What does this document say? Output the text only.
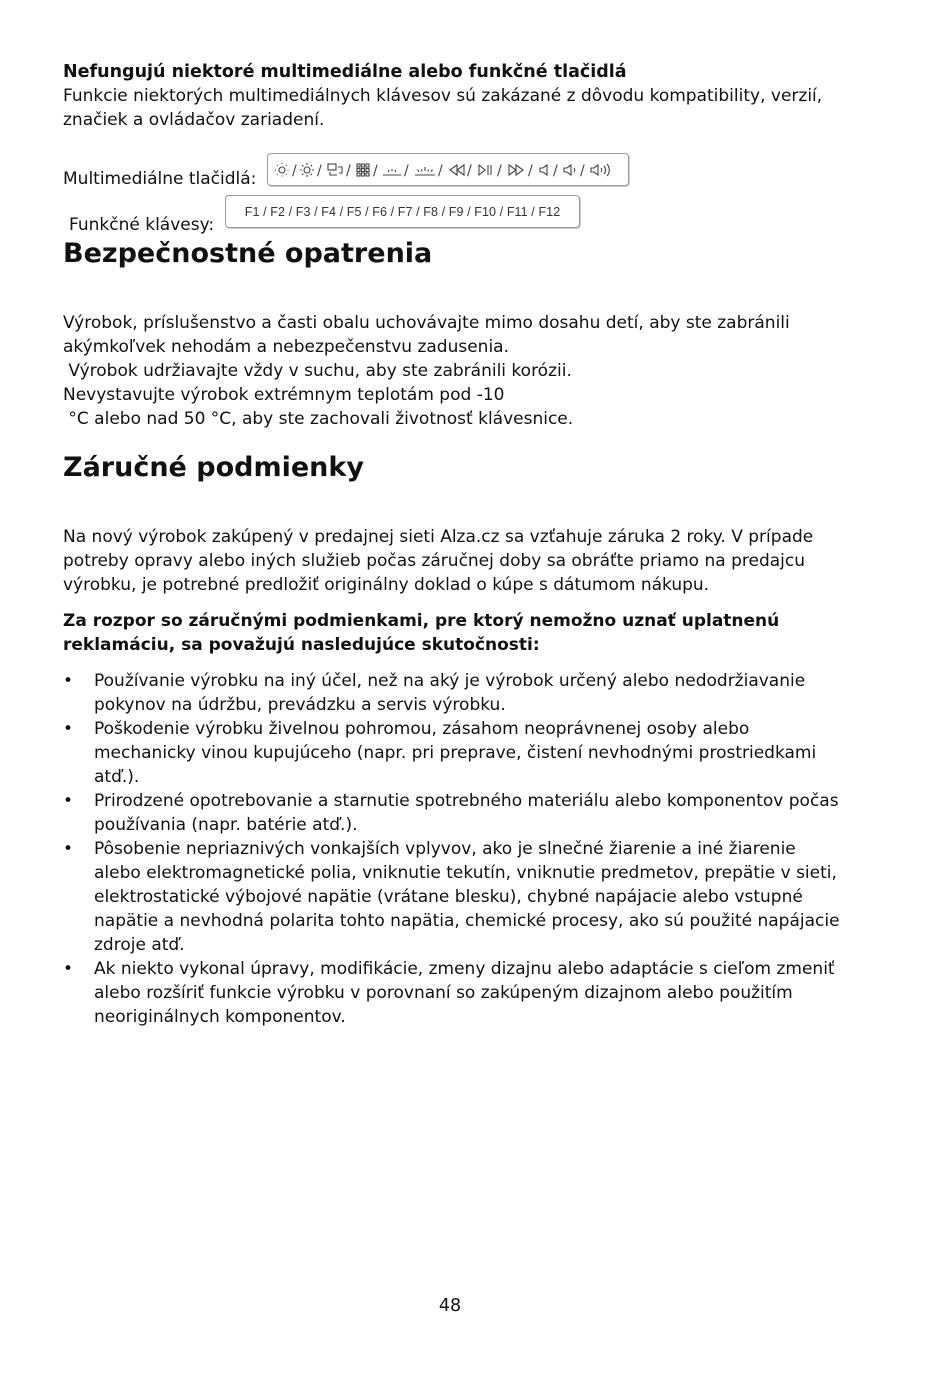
Nefungujú niektoré multimediálne alebo funkčné tlačidlá

Funkcie niektorých multimediálnych klávesov sú zakázané z dôvodu kompatibility, verzií, značiek a ovládačov zariadení.

Multimediálne tlačidlá:	/ / / / / / / / / / /
Funkčné klávesy:
F1 / F2 / F3 / F4 / F5 / F6 / F7 / F8 / F9 / F10 / F11 / F12
Bezpečnostné opatrenia

Výrobok, príslušenstvo a časti obalu uchovávajte mimo dosahu detí, aby ste zabránili

akýmkoľvek nehodám a nebezpečenstvu zadusenia.

Výrobok udržiavajte vždy v suchu, aby ste zabránili korózii.

Nevystavujte výrobok extrémnym teplotám pod -10

°C alebo nad 50 °C, aby ste zachovali životnosť klávesnice.

Záručné podmienky

Na nový výrobok zakúpený v predajnej sieti Alza.cz sa vzťahuje záruka 2 roky. V prípade potreby opravy alebo iných služieb počas záručnej doby sa obráťte priamo na predajcu výrobku, je potrebné predložiť originálny doklad o kúpe s dátumom nákupu.

Za rozpor so záručnými podmienkami, pre ktorý nemožno uznať uplatnenú reklamáciu, sa považujú nasledujúce skutočnosti:

• Používanie výrobku na iný účel, než na aký je výrobok určený alebo nedodržiavanie pokynov na údržbu, prevádzku a servis výrobku.
• Poškodenie výrobku živelnou pohromou, zásahom neoprávnenej osoby alebo mechanicky vinou kupujúceho (napr. pri preprave, čistení nevhodnými prostriedkami atď.).
• Prirodzené opotrebovanie a starnutie spotrebného materiálu alebo komponentov počas používania (napr. batérie atď.).
• Pôsobenie nepriaznivých vonkajších vplyvov, ako je slnečné žiarenie a iné žiarenie alebo elektromagnetické polia, vniknutie tekutín, vniknutie predmetov, prepätie v sieti, elektrostatické výbojové napätie (vrátane blesku), chybné napájacie alebo vstupné napätie a nevhodná polarita tohto napätia, chemické procesy, ako sú použité napájacie zdroje atď.
• Ak niekto vykonal úpravy, modifikácie, zmeny dizajnu alebo adaptácie s cieľom zmeniť alebo rozšíriť funkcie výrobku v porovnaní so zakúpeným dizajnom alebo použitím neoriginálnych komponentov.
48
